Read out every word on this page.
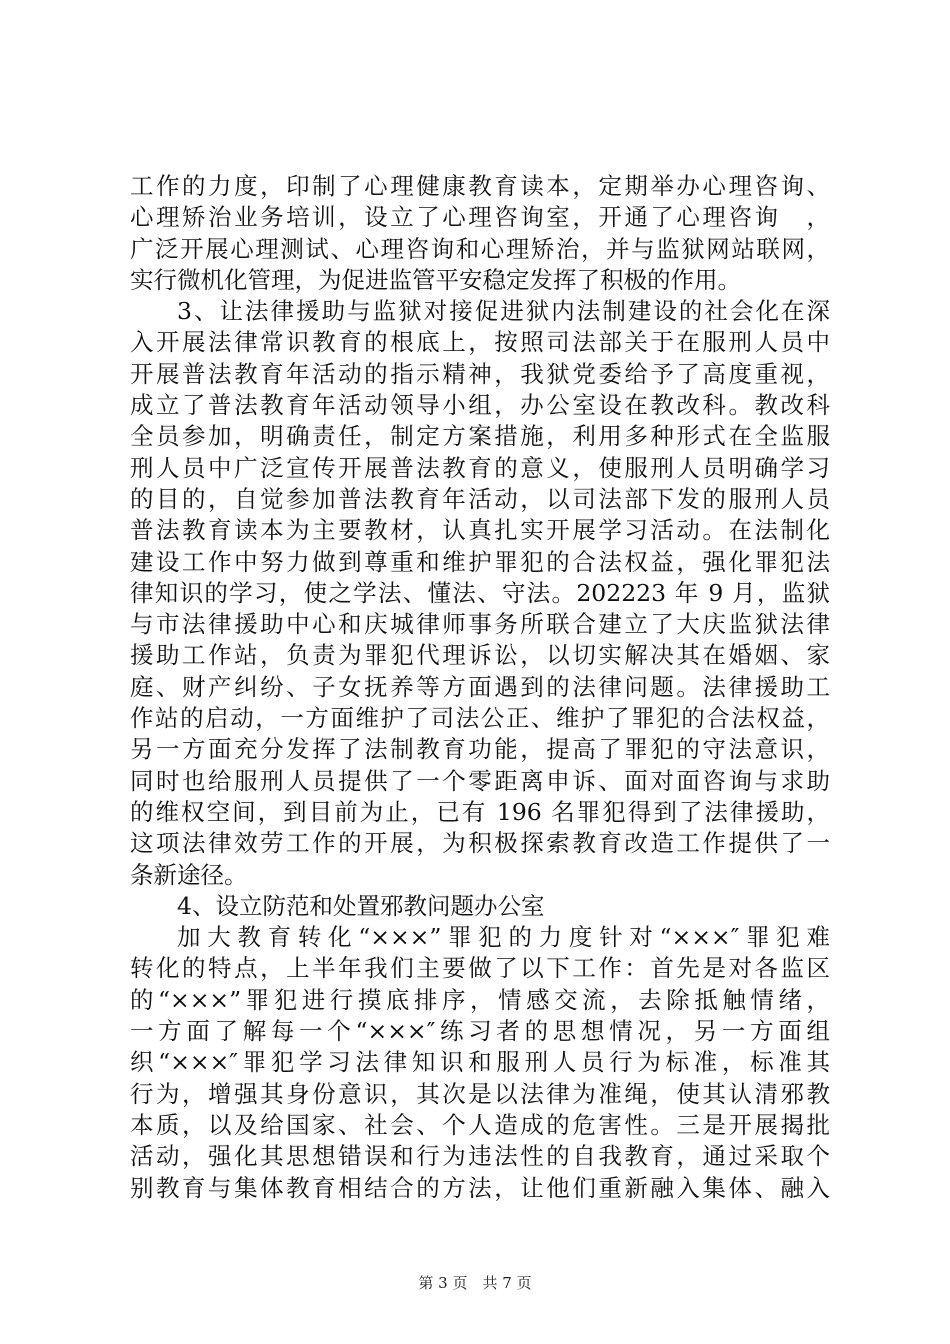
工作的力度，印制了心理健康教育读本，定期举办心理咨询、
心理矫治业务培训，设立了心理咨询室，开通了心理咨询　，
广泛开展心理测试、心理咨询和心理矫治，并与监狱网站联网，
实行微机化管理，为促进监管平安稳定发挥了积极的作用。
3、让法律援助与监狱对接促进狱内法制建设的社会化在深
入开展法律常识教育的根底上，按照司法部关于在服刑人员中
开展普法教育年活动的指示精神，我狱党委给予了高度重视，
成立了普法教育年活动领导小组，办公室设在教改科。教改科
全员参加，明确责任，制定方案措施，利用多种形式在全监服
刑人员中广泛宣传开展普法教育的意义，使服刑人员明确学习
的目的，自觉参加普法教育年活动，以司法部下发的服刑人员
普法教育读本为主要教材，认真扎实开展学习活动。在法制化
建设工作中努力做到尊重和维护罪犯的合法权益，强化罪犯法
律知识的学习，使之学法、懂法、守法。202223 年 9 月，监狱
与市法律援助中心和庆城律师事务所联合建立了大庆监狱法律
援助工作站，负责为罪犯代理诉讼，以切实解决其在婚姻、家
庭、财产纠纷、子女抚养等方面遇到的法律问题。法律援助工
作站的启动，一方面维护了司法公正、维护了罪犯的合法权益，
另一方面充分发挥了法制教育功能，提高了罪犯的守法意识，
同时也给服刑人员提供了一个零距离申诉、面对面咨询与求助
的维权空间，到目前为止，已有 196 名罪犯得到了法律援助，
这项法律效劳工作的开展，为积极探索教育改造工作提供了一
条新途径。
4、设立防范和处置邪教问题办公室
加大教育转化“×××”罪犯的力度针对“×××″罪犯难
转化的特点，上半年我们主要做了以下工作：首先是对各监区
的“×××”罪犯进行摸底排序，情感交流，去除抵触情绪，
一方面了解每一个“×××″练习者的思想情况，另一方面组
织“×××″罪犯学习法律知识和服刑人员行为标准，标准其
行为，增强其身份意识，其次是以法律为准绳，使其认清邪教
本质，以及给国家、社会、个人造成的危害性。三是开展揭批
活动，强化其思想错误和行为违法性的自我教育，通过采取个
别教育与集体教育相结合的方法，让他们重新融入集体、融入
第 3 页　共 7 页
